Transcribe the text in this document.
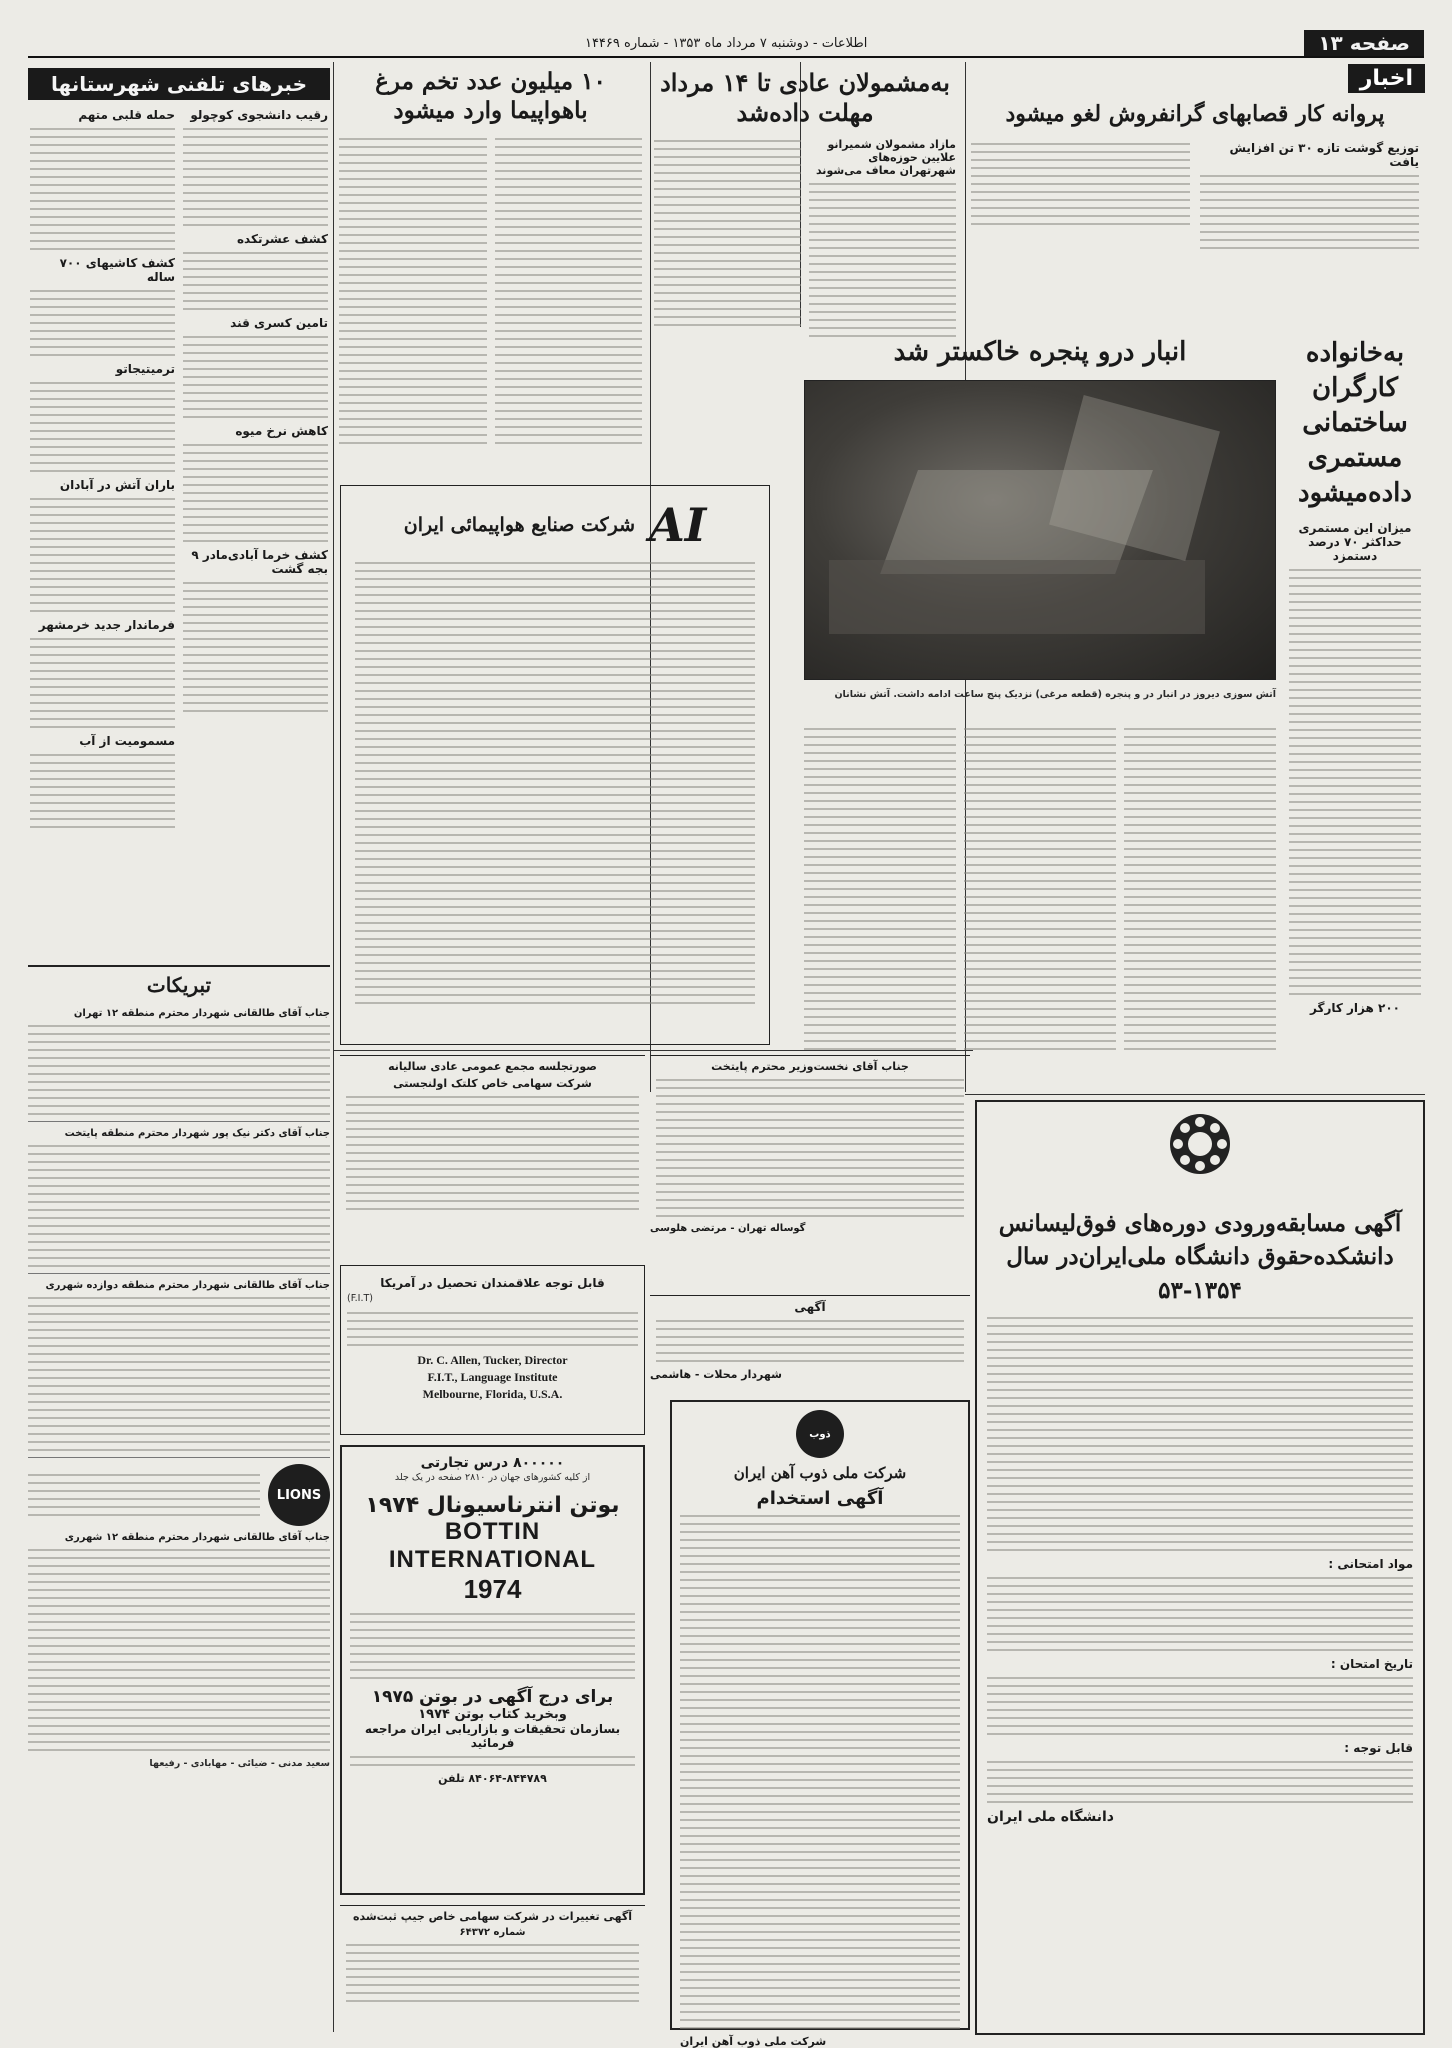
صفحه ۱۳
اطلاعات - دوشنبه ۷ مرداد ماه ۱۳۵۳ - شماره ۱۴۴۶۹
اخبار
پروانه کار قصابهای گرانفروش لغو میشود
توزیع گوشت تازه ۳۰ تن افزایش یافت
به‌خانواده کارگران ساختمانی مستمری داده‌میشود
میزان این مستمری حداکثر ۷۰ درصد دستمزد
۲۰۰ هزار کارگر
انبار درو پنجره خاکستر شد
آتش سوزی دیروز در انبار در و پنجره (قطعه مرغی) نزدیک پنج ساعت ادامه داشت. آتش نشانان
به‌مشمولان عادی تا ۱۴ مرداد مهلت داده‌شد
مازاد مشمولان شمیرانو علایین حوزه‌های شهرتهران‌ معاف می‌شوند
۱۰ میلیون عدد تخم مرغ باهواپیما وارد میشود
خبرهای تلفنی شهرستانها
رقیب دانشجوی کوچولو
کشف عشرتکده
تامین کسری قند
کاهش نرخ میوه
کشف خرما آبادی‌مادر ۹ بجه گشت
حمله قلبی متهم
کشف کاشیهای ۷۰۰ ساله
ترمیتیجاتو
باران آتش در آبادان
فرماندار جدید خرمشهر
مسمومیت از آب
تبریکات
جناب آقای طالقانی شهردار محترم منطقه ۱۲ تهران
جناب آقای دکتر نیک پور شهردار محترم منطقه پایتخت
جناب آقای طالقانی شهردار محترم منطقه دوازده شهرری
LIONS
جناب آقای طالقانی شهردار محترم منطقه ۱۲ شهرری
سعید مدنی - ضیائی - مهابادی - رفیعها
AI
شرکت صنایع هواپیمائی ایران
جناب آقای نخست‌وزیر محترم پایتخت
گوساله تهران - مرتضی هلوسی
آگهی
شهردار محلات - هاشمی
صورتجلسه مجمع عمومی عادی سالیانه
شرکت سهامی خاص کلتک اولنجستی
قابل توجه علاقمندان تحصیل در آمریکا
(F.I.T)
Dr. C. Allen, Tucker, Director
F.I.T., Language Institute
Melbourne, Florida, U.S.A.
۸۰۰۰۰۰ درس تجارتی
از کلیه کشورهای جهان در ۲۸۱۰ صفحه در یک جلد
بوتن انترناسیونال ۱۹۷۴
BOTTIN INTERNATIONAL
1974
برای درج آگهی در بوتن ۱۹۷۵
وبخرید کتاب بوتن ۱۹۷۴
بسازمان تحقیقات و بازاریابی ایران مراجعه فرمائید
۸۴۰۶۴-۸۴۴۷۸۹ تلفن
آگهی تغییرات در شرکت سهامی خاص جیپ ثبت‌شده
شماره ۶۴۳۷۲
ذوب
شرکت ملی ذوب آهن ایران
آگهی استخدام
شرکت ملی ذوب آهن ایران
آگهی مسابقه‌ورودی دوره‌های فوق‌لیسانس دانشکده‌حقوق دانشگاه ملی‌ایران‌در سال ۱۳۵۴-۵۳
مواد امتحانی :
تاریخ امتحان :
قابل توجه :
دانشگاه ملی ایران
